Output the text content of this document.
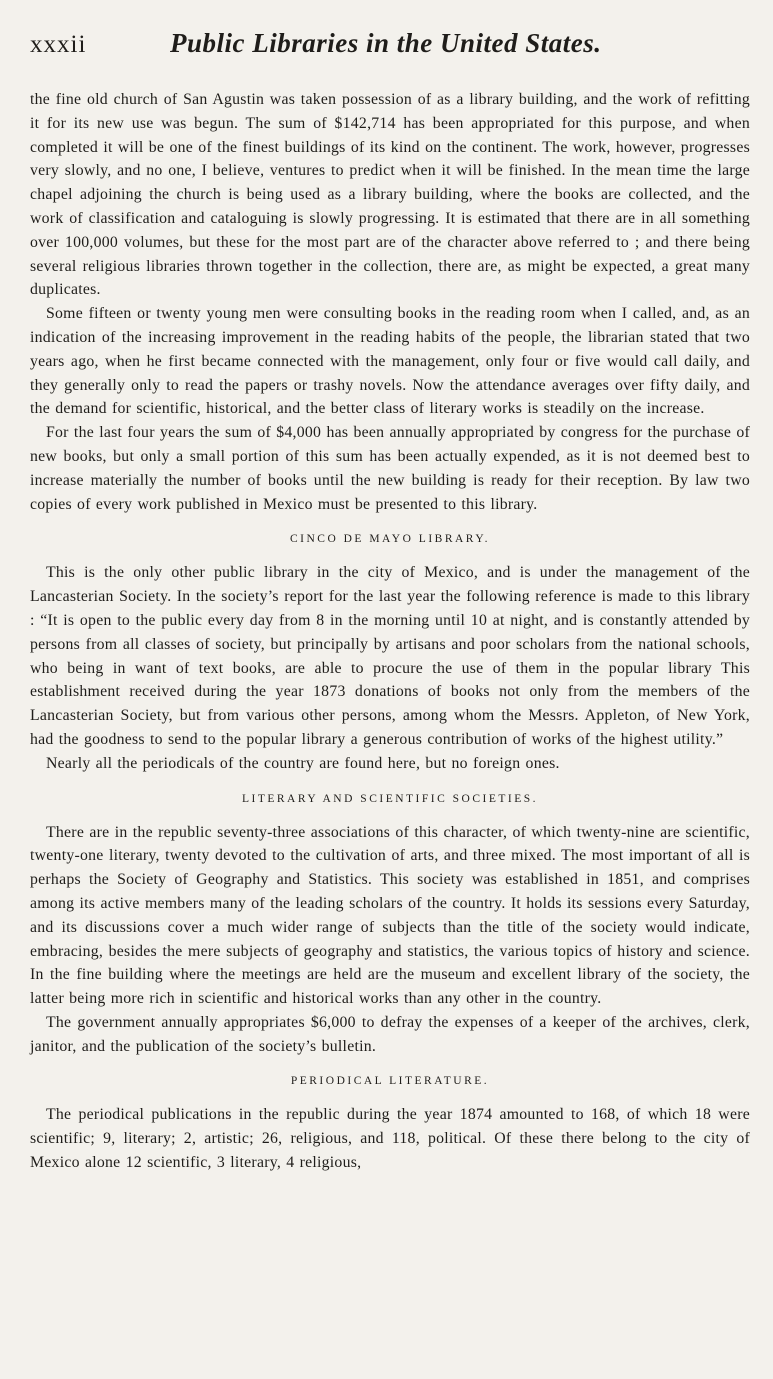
xxxii	Public Libraries in the United States.

the fine old church of San Agustin was taken possession of as a library building, and the work of refitting it for its new use was begun. The sum of $142,714 has been appropriated for this purpose, and when completed it will be one of the finest buildings of its kind on the continent. The work, however, progresses very slowly, and no one, I believe, ventures to predict when it will be finished. In the mean time the large chapel adjoining the church is being used as a library building, where the books are collected, and the work of classification and cataloguing is slowly progressing. It is estimated that there are in all something over 100,000 volumes, but these for the most part are of the character above referred to ; and there being several religious libraries thrown together in the collection, there are, as might be expected, a great many duplicates.

Some fifteen or twenty young men were consulting books in the reading room when I called, and, as an indication of the increasing improvement in the reading habits of the people, the librarian stated that two years ago, when he first became connected with the management, only four or five would call daily, and they generally only to read the papers or trashy novels. Now the attendance averages over fifty daily, and the demand for scientific, historical, and the better class of literary works is steadily on the increase.

For the last four years the sum of $4,000 has been annually appropriated by congress for the purchase of new books, but only a small portion of this sum has been actually expended, as it is not deemed best to increase materially the number of books until the new building is ready for their reception. By law two copies of every work published in Mexico must be presented to this library.

CINCO DE MAYO LIBRARY.

This is the only other public library in the city of Mexico, and is under the management of the Lancasterian Society. In the society’s report for the last year the following reference is made to this library : “It is open to the public every day from 8 in the morning until 10 at night, and is constantly attended by persons from all classes of society, but principally by artisans and poor scholars from the national schools, who being in want of text books, are able to procure the use of them in the popular library This establishment received during the year 1873 donations of books not only from the members of the Lancasterian Society, but from various other persons, among whom the Messrs. Appleton, of New York, had the goodness to send to the popular library a generous contribution of works of the highest utility.”

Nearly all the periodicals of the country are found here, but no foreign ones.

LITERARY AND SCIENTIFIC SOCIETIES.

There are in the republic seventy-three associations of this character, of which twenty-nine are scientific, twenty-one literary, twenty devoted to the cultivation of arts, and three mixed. The most important of all is perhaps the Society of Geography and Statistics. This society was established in 1851, and comprises among its active members many of the leading scholars of the country. It holds its sessions every Saturday, and its discussions cover a much wider range of subjects than the title of the society would indicate, embracing, besides the mere subjects of geography and statistics, the various topics of history and science. In the fine building where the meetings are held are the museum and excellent library of the society, the latter being more rich in scientific and historical works than any other in the country.

The government annually appropriates $6,000 to defray the expenses of a keeper of the archives, clerk, janitor, and the publication of the society’s bulletin.

PERIODICAL LITERATURE.

The periodical publications in the republic during the year 1874 amounted to 168, of which 18 were scientific; 9, literary; 2, artistic; 26, religious, and 118, political. Of these there belong to the city of Mexico alone 12 scientific, 3 literary, 4 religious,
